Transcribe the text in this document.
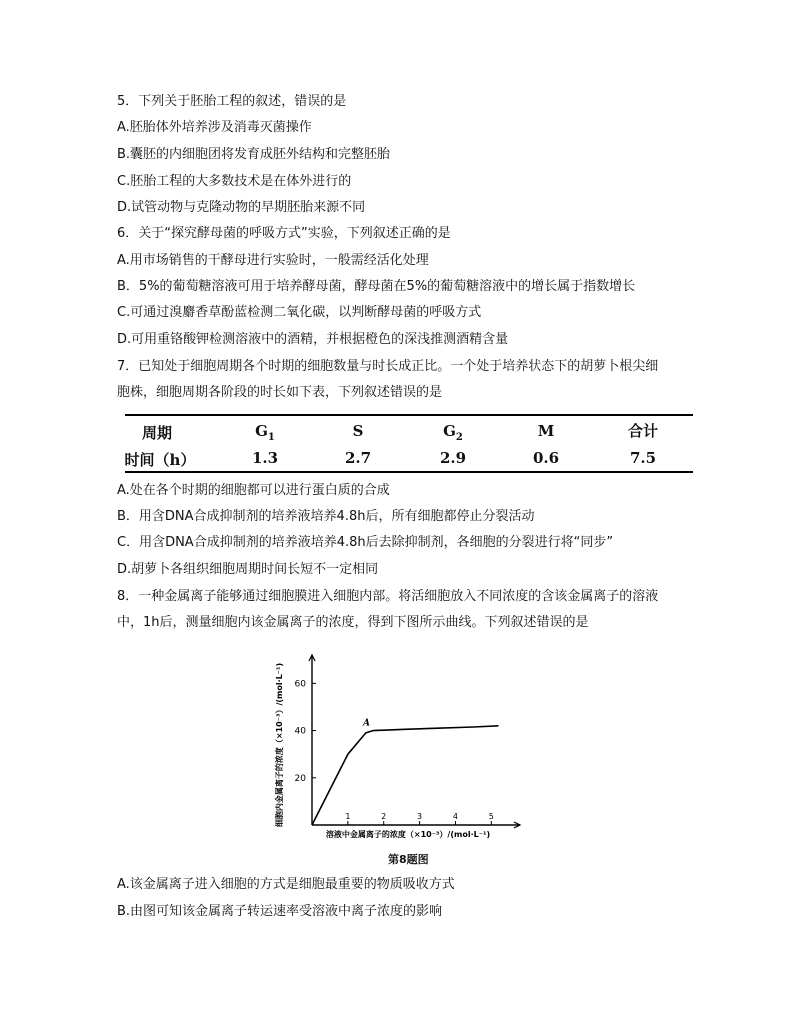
5．下列关于胚胎工程的叙述，错误的是
A.胚胎体外培养涉及消毒灭菌操作
B.囊胚的内细胞团将发育成胚外结构和完整胚胎
C.胚胎工程的大多数技术是在体外进行的
D.试管动物与克隆动物的早期胚胎来源不同
6．关于“探究酵母菌的呼吸方式”实验，下列叙述正确的是
A.用市场销售的干酵母进行实验时，一般需经活化处理
B．5%的葡萄糖溶液可用于培养酵母菌，酵母菌在5%的葡萄糖溶液中的增长属于指数增长
C.可通过溴麝香草酚蓝检测二氧化碳，以判断酵母菌的呼吸方式
D.可用重铬酸钾检测溶液中的酒精，并根据橙色的深浅推测酒精含量
7．已知处于细胞周期各个时期的细胞数量与时长成正比。一个处于培养状态下的胡萝卜根尖细
胞株，细胞周期各阶段的时长如下表，下列叙述错误的是
周期	$G_1$	S	$G_2$	M	合计
时间（h）	1.3	2.7	2.9	0.6	7.5
A.处在各个时期的细胞都可以进行蛋白质的合成
B．用含DNA合成抑制剂的培养液培养4.8h后，所有细胞都停止分裂活动
C．用含DNA合成抑制剂的培养液培养4.8h后去除抑制剂，各细胞的分裂进行将“同步”
D.胡萝卜各组织细胞周期时间长短不一定相同
8．一种金属离子能够通过细胞膜进入细胞内部。将活细胞放入不同浓度的含该金属离子的溶液
中，1h后，测量细胞内该金属离子的浓度，得到下图所示曲线。下列叙述错误的是
1	2	3	4	5
20
40
60
A
溶液中金属离子的浓度（×10⁻³）/(mol·L⁻¹)
细胞内金属离子的浓度（×10⁻³）/(mol·L⁻¹)
第8题图
A.该金属离子进入细胞的方式是细胞最重要的物质吸收方式
B.由图可知该金属离子转运速率受溶液中离子浓度的影响
